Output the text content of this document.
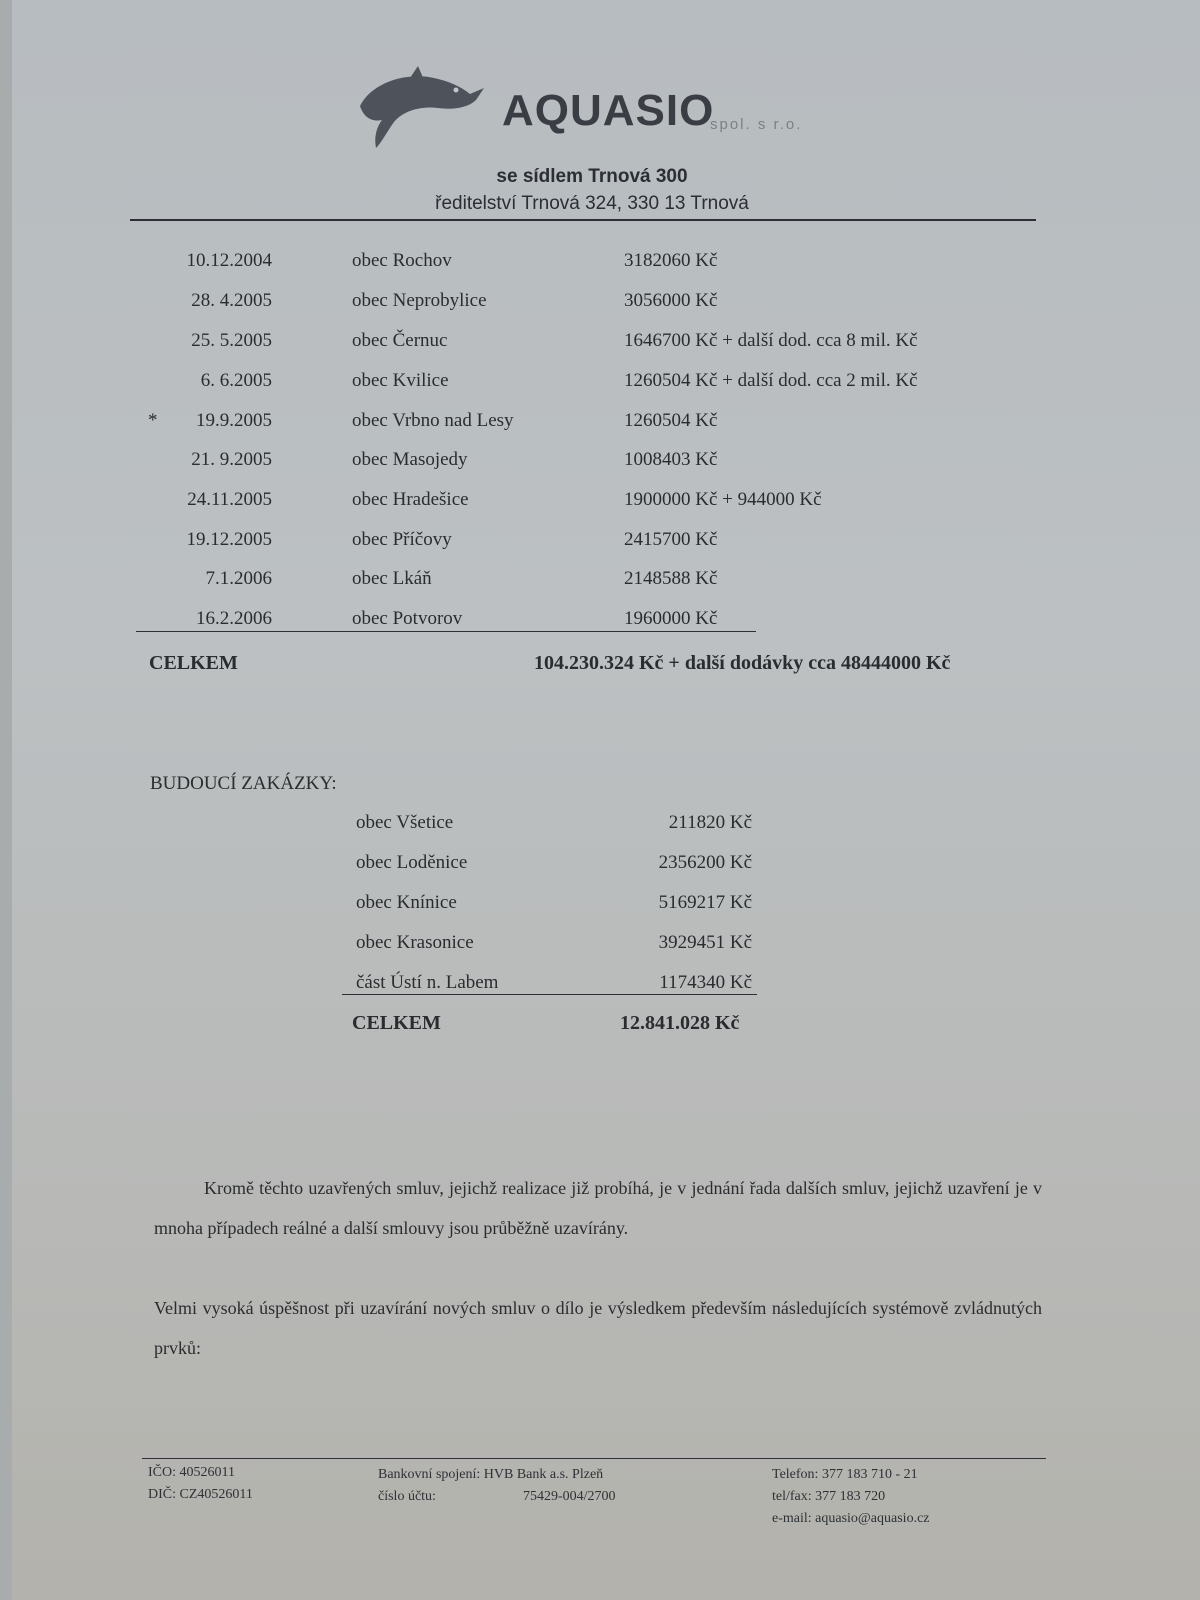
AQUASIO
spol. s r.o.
se sídlem Trnová 300
ředitelství Trnová 324, 330 13 Trnová
10.12.2004	obec Rochov	3182060 Kč
28. 4.2005	obec Neprobylice	3056000 Kč
25. 5.2005	obec Černuc	1646700 Kč + další dod. cca 8 mil. Kč
6. 6.2005	obec Kvilice	1260504 Kč + další dod. cca 2 mil. Kč
* 19.9.2005	obec Vrbno nad Lesy	1260504 Kč
21. 9.2005	obec Masojedy	1008403 Kč
24.11.2005	obec Hradešice	1900000 Kč + 944000 Kč
19.12.2005	obec Příčovy	2415700 Kč
7.1.2006	obec Lkáň	2148588 Kč
16.2.2006	obec Potvorov	1960000 Kč
CELKEM	104.230.324 Kč + další dodávky cca 48444000 Kč
BUDOUCÍ ZAKÁZKY:
obec Všetice	211820 Kč
obec Loděnice	2356200 Kč
obec Knínice	5169217 Kč
obec Krasonice	3929451 Kč
část Ústí n. Labem	1174340 Kč
CELKEM	12.841.028 Kč
Kromě těchto uzavřených smluv, jejichž realizace již probíhá, je v jednání řada dalších smluv, jejichž uzavření je v mnoha případech reálné a další smlouvy jsou průběžně uzavírány.
Velmi vysoká úspěšnost při uzavírání nových smluv o dílo je výsledkem především následujících systémově zvládnutých prvků:
IČO: 40526011
DIČ: CZ40526011
Bankovní spojení: HVB Bank a.s. Plzeň
číslo účtu:	75429-004/2700
Telefon: 377 183 710 - 21
tel/fax: 377 183 720
e-mail: aquasio@aquasio.cz
